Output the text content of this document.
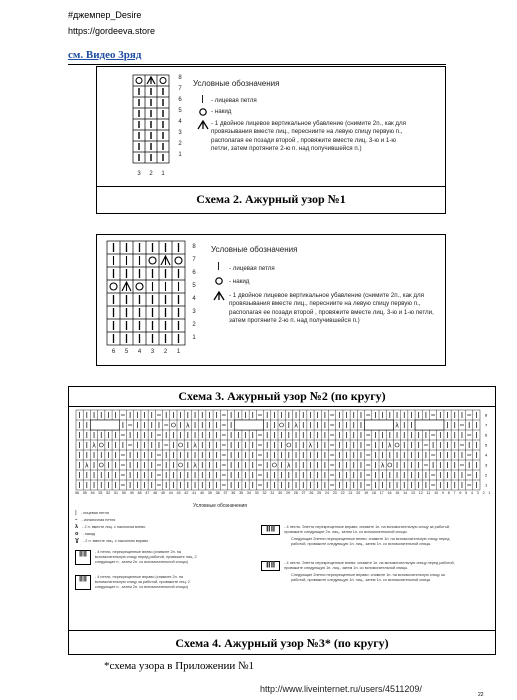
#джемпер_Desire
https://gordeeva.store
см. Видео 3ряд
8
7
6
5
4
3
2
1
3 2 1
Условные обозначения
| - лицевая петля
- накид
- 1 двойное лицевое вертикальное убавление (снимите 2п., как для провязывания вместе лиц., пересниите на левую спицу первую п., располагая ее позади второй , провяжите вместе лиц. 3-ю и 1-ю петли, затем протяните 2-ю п. над получившейся п.)
Схема 2. Ажурный узор №1
8
7
6
5
4
3
2
1
6 5 4 3 2 1
Условные обозначения
| - лицевая петля
- накид
- 1 двойное лицевое вертикальное убавление (снимите 2п., как для провязывания вместе лиц., пересниите на левую спицу первую п., располагая ее позади второй , провяжите вместе лиц. 3-ю и 1-ю петли, затем протяните 2-ю п. над получившейся п.)
Схема 3. Ажурный узор №2 (по кругу)
λ	λ	λ
λ	λ	λ	λ
λ	λ	λ	λ
8
7
6
5
4
3
2
1
56 55 54 53 52 51 50 49 48 47 46 45 44 43 42 41 40 39 38 37 36 35 34 33 32 31 30 29 28 27 26 25 24 23 22 21 20 19 18 17 16 15 14 13 12 11 10 9 8 7 6 5 4 3 2 1
Условные обозначения
| - лицевая петля
– - изнаночная петля
λ - 2 п. вместе лиц. с наклоном влево
o - накид
Ɣ - 2 п. вместе лиц. с наклоном вправо
ǁǁ	- 4 петли, перекрещенные влево (снимите 2п. на вспомогательную спицу перед работой, провяжите лиц. 2 следующие п., затем 2п. со вспомогательной спицы)
ǁǁ	- 4 петли, перекрещенные вправо (снимите 2п. на вспомогательную спицу за работой, провяжите лиц. 2 следующие п., затем 2п. со вспомогательной спицы)
ǁǁ	- 4 петли. Элетти перекрещенные вправо: снимите 1п. на вспомогательную спицу за работой, провяжите следующие 2п. лиц., затем 1п. со вспомогательной спицы.
Следующие 2петли перекрещенные влево: снимите 1п. на вспомогательную спицу перед работой, провяжите следующую 1п. лиц., затем 1п. со вспомогательной спицы.
ǁǁ	- 4 петли. Элетти перекрещенные влево: снимите 1п. на вспомогательную спицу перед работой, провяжите следующую 1п. лиц., затем 1п. со вспомогательной спицы.
Следующие 2петли перекрещенные вправо: снимите 1п. на вспомогательную спицу за работой, провяжите следующую 1п. лиц., затем 1п. со вспомогательной спицы.
Схема 4. Ажурный узор №3* (по кругу)
*схема узора в Приложении №1
http://www.liveinternet.ru/users/4511209/
22
